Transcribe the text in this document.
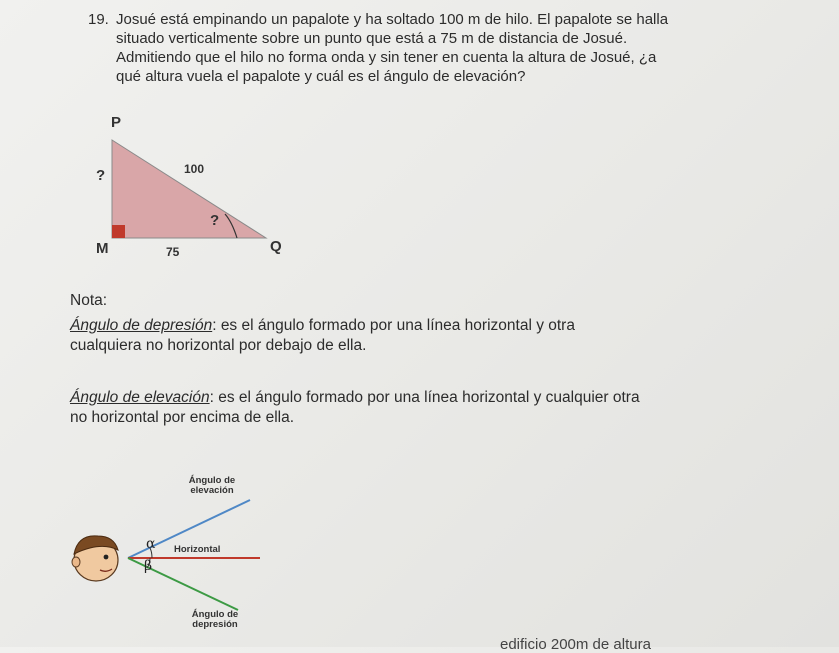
19. Josué está empinando un papalote y ha soltado 100 m de hilo. El papalote se halla

situado verticalmente sobre un punto que está a 75 m de distancia de Josué.

Admitiendo que el hilo no forma onda y sin tener en cuenta la altura de Josué, ¿a

qué altura vuela el papalote y cuál es el ángulo de elevación?

P
?	100
?
M	75	Q
Nota:
Ángulo de depresión: es el ángulo formado por una línea horizontal y otra
cualquiera no horizontal por debajo de ella.
Ángulo de elevación: es el ángulo formado por una línea horizontal y cualquier otra
no horizontal por encima de ella.
Ángulo de
elevación
Horizontal
α
β
Ángulo de
depresión
edificio 200m de altura
